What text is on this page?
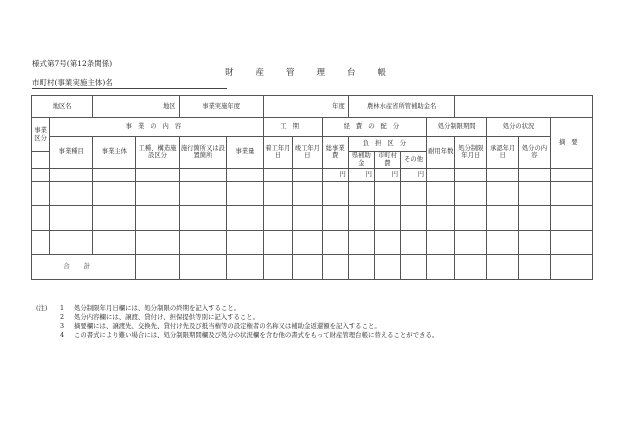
様式第7号(第12条関係)
市町村(事業実施主体)名
財産管理台帳
地区名		地区		事業実施年度		年度			農林水産省所管補助金名							
事業区分	事業の内容					工期		経費の配分				処分制限期間		処分の状況		摘要
	事業種目	事業主体	工種、構造施設区分	施行箇所又は設置箇所	事業量	着工年月日	竣工年月日	総事業費	負担区分			耐用年数	処分制限年月日	承認年月日	処分の内容	
									県補助金	市町村費	その他					
								円	円	円	円					

合計																
(注)	1	処分制限年月日欄には、処分制限の終期を記入すること。
2	処分内容欄には、譲渡、貸付け、担保提供等別に記入すること。
3	摘要欄には、譲渡先、交換先、貸付け先及び抵当権等の設定権者の名称又は補助金返還額を記入すること。
4	この書式により難い場合には、処分制限期間欄及び処分の状況欄を含む他の書式をもって財産管理台帳に替えることができる。
